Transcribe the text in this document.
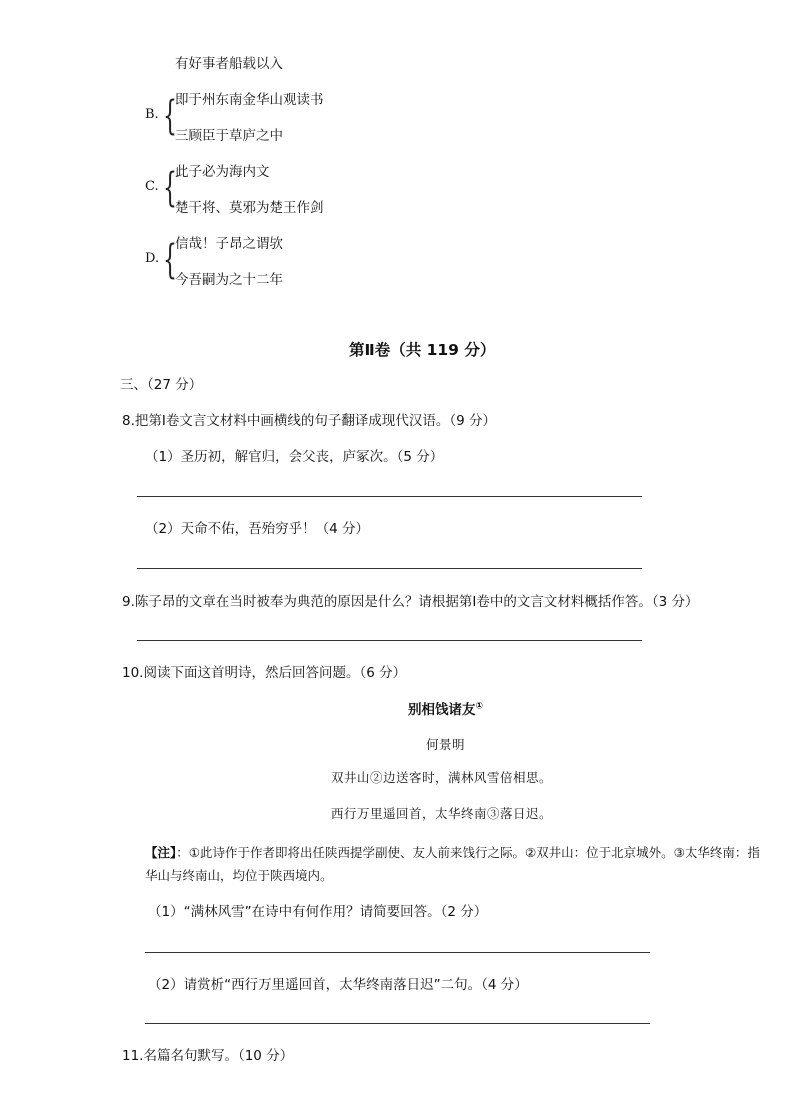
有好事者船载以入
B. {
即于州东南金华山观读书
三顾臣于草庐之中
C. {
此子必为海内文
楚干将、莫邪为楚王作剑
D. {
信哉！子昂之谓欤
今吾嗣为之十二年
第Ⅱ卷（共 119 分）
三、（27 分）
8.把第Ⅰ卷文言文材料中画横线的句子翻译成现代汉语。（9 分）
（1）圣历初，解官归，会父丧，庐冢次。（5 分）
（2）天命不佑，吾殆穷乎！（4 分）
9.陈子昂的文章在当时被奉为典范的原因是什么？请根据第Ⅰ卷中的文言文材料概括作答。（3 分）
10.阅读下面这首明诗，然后回答问题。（6 分）
别相饯诸友①
何景明
双井山②边送客时，满林风雪倍相思。
西行万里遥回首，太华终南③落日迟。
【注】：①此诗作于作者即将出任陕西提学副使、友人前来饯行之际。②双井山：位于北京城外。③太华终南：指
华山与终南山，均位于陕西境内。
（1）“满林风雪”在诗中有何作用？请简要回答。（2 分）
（2）请赏析“西行万里遥回首，太华终南落日迟”二句。（4 分）
11.名篇名句默写。（10 分）
